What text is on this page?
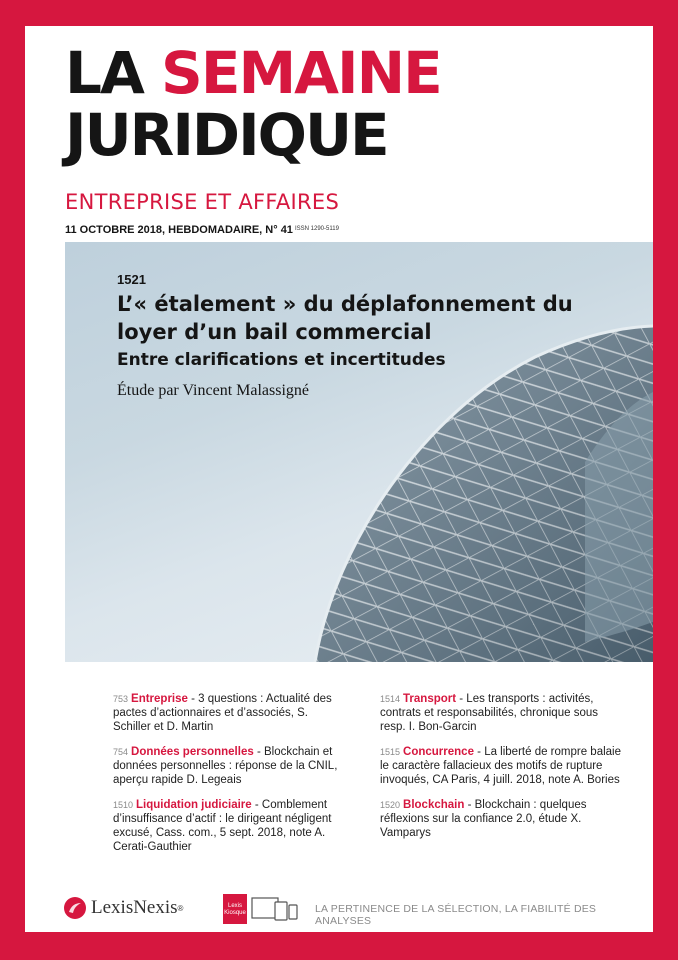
LA SEMAINE
JURIDIQUE
ENTREPRISE ET AFFAIRES
11 OCTOBRE 2018, HEBDOMADAIRE, N° 41 ISSN 1290-5119
1521
L’« étalement » du déplafonnement du loyer d’un bail commercial
Entre clarifications et incertitudes
Étude par Vincent Malassigné
753 Entreprise - 3 questions : Actualité des pactes d’actionnaires et d’associés, S. Schiller et D. Martin
754 Données personnelles - Blockchain et données personnelles : réponse de la CNIL, aperçu rapide D. Legeais
1510 Liquidation judiciaire - Comblement d’insuffisance d’actif : le dirigeant négligent excusé, Cass. com., 5 sept. 2018, note A. Cerati-Gauthier
1514 Transport - Les transports : activités, contrats et responsabilités, chronique sous resp. I. Bon-Garcin
1515 Concurrence - La liberté de rompre balaie le caractère fallacieux des motifs de rupture invoqués, CA Paris, 4 juill. 2018, note A. Bories
1520 Blockchain - Blockchain : quelques réflexions sur la confiance 2.0, étude X. Vamparys
LexisNexis ®	Lexis
Kiosque	LA PERTINENCE DE LA SÉLECTION, LA FIABILITÉ DES ANALYSES
